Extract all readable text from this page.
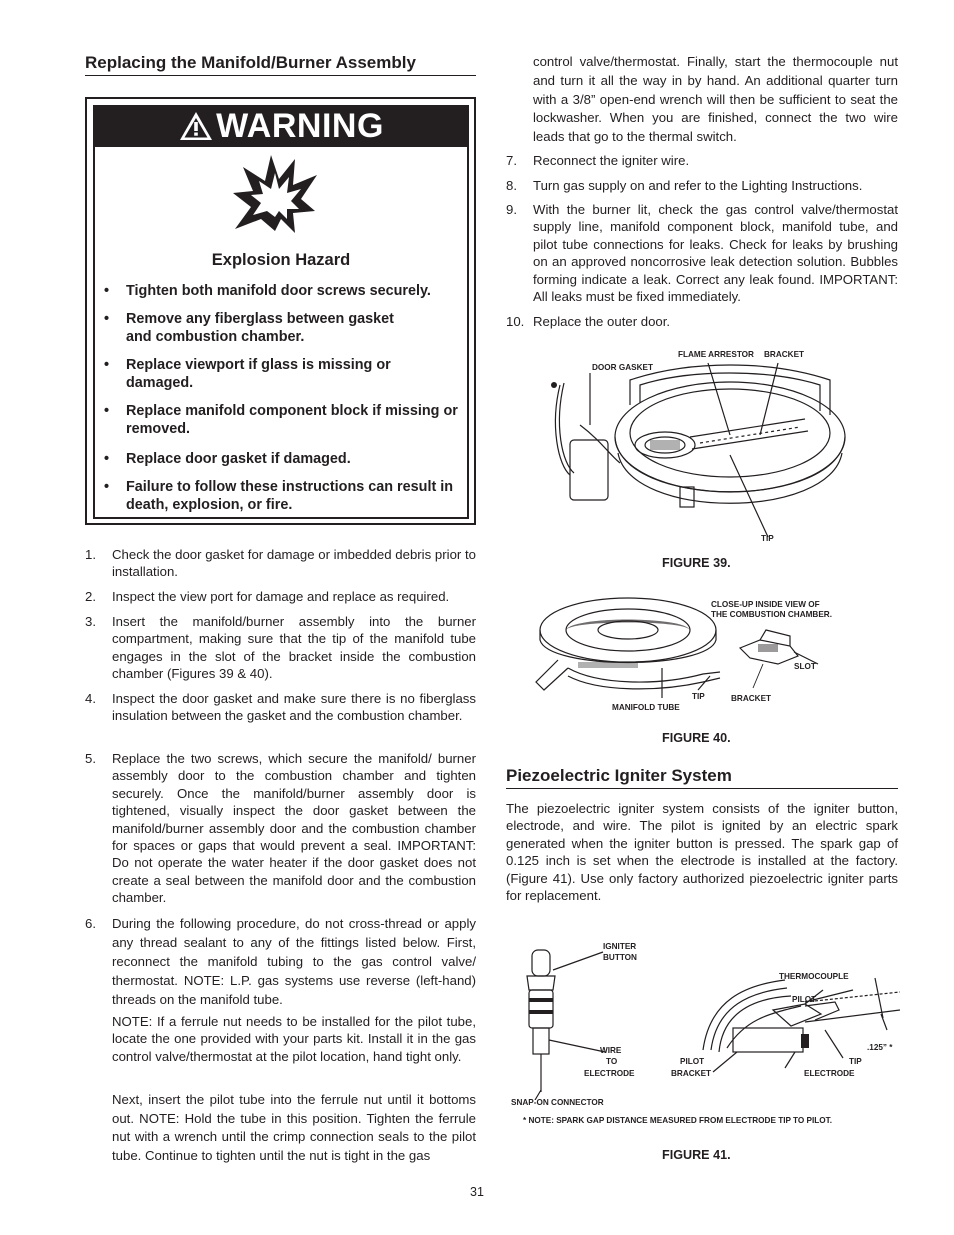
Replacing the Manifold/Burner Assembly
WARNING
Explosion Hazard
• Tighten both manifold door screws securely.
• Remove any fiberglass between gasket and combustion chamber.
• Replace viewport if glass is missing or damaged.
• Replace manifold component block if missing or removed.
• Replace door gasket if damaged.
• Failure to follow these instructions can result in death, explosion, or fire.
1. Check the door gasket for damage or imbedded debris prior to installation.
2. Inspect the view port for damage and replace as required.
3. Insert the manifold/burner assembly into the burner compartment, making sure that the tip of the manifold tube engages in the slot of the bracket inside the combustion chamber (Figures 39 & 40).
4. Inspect the door gasket and make sure there is no fiberglass insulation between the gasket and the combustion chamber.
5. Replace the two screws, which secure the manifold/ burner assembly door to the combustion chamber and tighten securely. Once the manifold/burner assembly door is tightened, visually inspect the door gasket between the manifold/burner assembly door and the combustion chamber for spaces or gaps that would prevent a seal. IMPORTANT: Do not operate the water heater if the door gasket does not create a seal between the manifold door and the combustion chamber.
6. During the following procedure, do not cross-thread or apply any thread sealant to any of the fittings listed below. First, reconnect the manifold tubing to the gas control valve/ thermostat. NOTE: L.P. gas systems use reverse (left-hand) threads on the manifold tube.
NOTE: If a ferrule nut needs to be installed for the pilot tube, locate the one provided with your parts kit. Install it in the gas control valve/thermostat at the pilot location, hand tight only.
Next, insert the pilot tube into the ferrule nut until it bottoms out. NOTE: Hold the tube in this position. Tighten the ferrule nut with a wrench until the crimp connection seals to the pilot tube. Continue to tighten until the nut is tight in the gas
control valve/thermostat. Finally, start the thermocouple nut and turn it all the way in by hand. An additional quarter turn with a 3/8” open-end wrench will then be sufficient to seat the lockwasher. When you are finished, connect the two wire leads that go to the thermal switch.
7. Reconnect the igniter wire.
8. Turn gas supply on and refer to the Lighting Instructions.
9. With the burner lit, check the gas control valve/thermostat supply line, manifold component block, manifold tube, and pilot tube connections for leaks. Check for leaks by brushing on an approved noncorrosive leak detection solution. Bubbles forming indicate a leak. Correct any leak found. IMPORTANT: All leaks must be fixed immediately.
10. Replace the outer door.
DOOR GASKET
FLAME ARRESTOR BRACKET
TIP
FIGURE 39.
CLOSE-UP INSIDE VIEW OF
THE COMBUSTION CHAMBER.
SLOT
TIP	BRACKET
MANIFOLD TUBE
FIGURE 40.
Piezoelectric Igniter System
The piezoelectric igniter system consists of the igniter button, electrode, and wire. The pilot is ignited by an electric spark generated when the igniter button is pressed. The spark gap of 0.125 inch is set when the electrode is installed at the factory. (Figure 41). Use only factory authorized piezoelectric igniter parts for replacement.
IGNITER
BUTTON
THERMOCOUPLE
PILOT
.125” *
WIRE
TO
ELECTRODE
PILOT
BRACKET
TIP
ELECTRODE
SNAP-ON CONNECTOR
* NOTE: SPARK GAP DISTANCE MEASURED FROM ELECTRODE TIP TO PILOT.
FIGURE 41.
31
